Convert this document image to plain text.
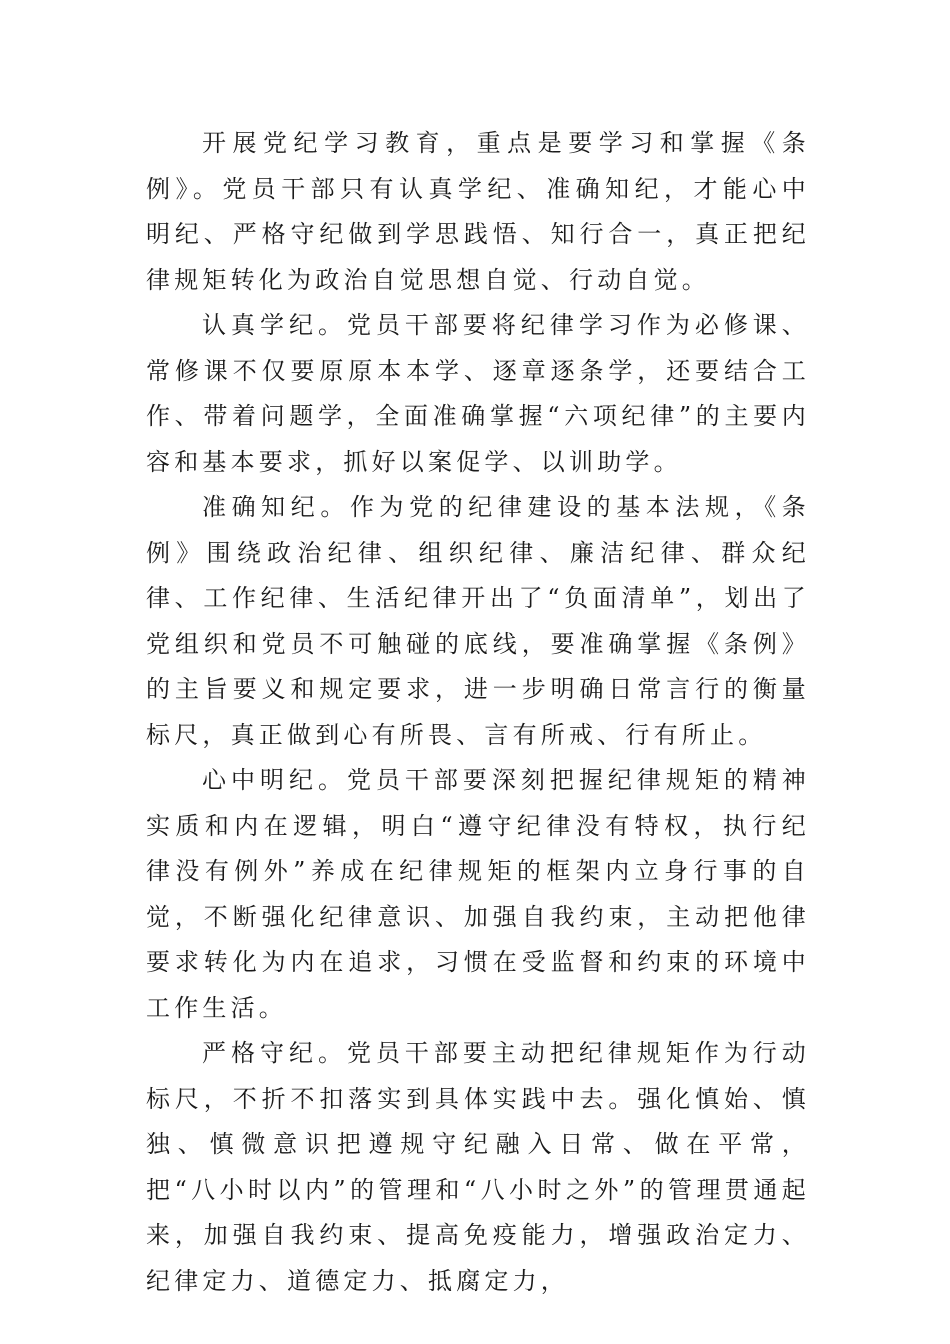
开展党纪学习教育，重点是要学习和掌握《条例》。党员干部只有认真学纪、准确知纪，才能心中明纪、严格守纪做到学思践悟、知行合一，真正把纪律规矩转化为政治自觉思想自觉、行动自觉。

认真学纪。党员干部要将纪律学习作为必修课、常修课不仅要原原本本学、逐章逐条学，还要结合工作、带着问题学，全面准确掌握“六项纪律”的主要内容和基本要求，抓好以案促学、以训助学。

准确知纪。作为党的纪律建设的基本法规，《条例》围绕政治纪律、组织纪律、廉洁纪律、群众纪律、工作纪律、生活纪律开出了“负面清单”，划出了党组织和党员不可触碰的底线，要准确掌握《条例》的主旨要义和规定要求，进一步明确日常言行的衡量标尺，真正做到心有所畏、言有所戒、行有所止。

心中明纪。党员干部要深刻把握纪律规矩的精神实质和内在逻辑，明白“遵守纪律没有特权，执行纪律没有例外”养成在纪律规矩的框架内立身行事的自觉，不断强化纪律意识、加强自我约束，主动把他律要求转化为内在追求，习惯在受监督和约束的环境中工作生活。

严格守纪。党员干部要主动把纪律规矩作为行动标尺，不折不扣落实到具体实践中去。强化慎始、慎独、慎微意识把遵规守纪融入日常、做在平常，把“八小时以内”的管理和“八小时之外”的管理贯通起来，加强自我约束、提高免疫能力，增强政治定力、纪律定力、道德定力、抵腐定力，
